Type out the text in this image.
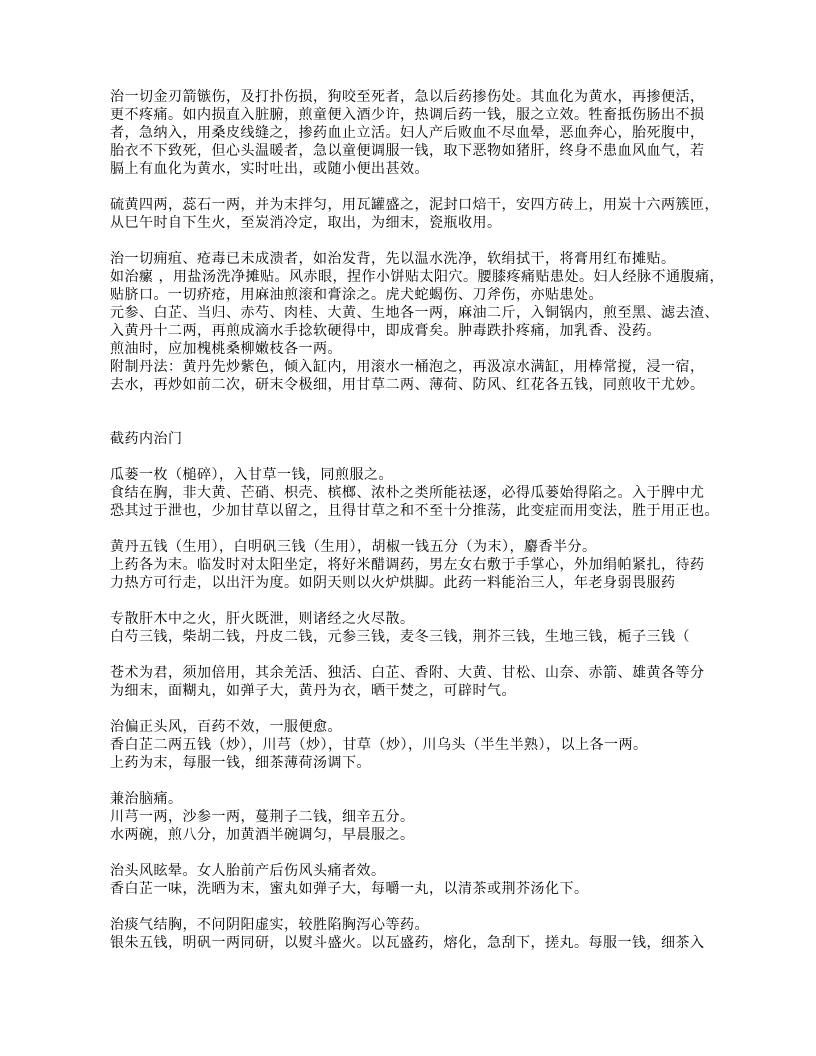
治一切金刃箭镞伤，及打扑伤损，狗咬至死者，急以后药掺伤处。其血化为黄水，再掺便活，
更不疼痛。如内损直入脏腑，煎童便入酒少许，热调后药一钱，服之立效。牲畜抵伤肠出不损
者，急纳入，用桑皮线缝之，掺药血止立活。妇人产后败血不尽血晕，恶血奔心，胎死腹中，
胎衣不下致死，但心头温暖者，急以童便调服一钱，取下恶物如猪肝，终身不患血风血气，若
膈上有血化为黄水，实时吐出，或随小便出甚效。
硫黄四两，蕊石一两，并为末拌匀，用瓦罐盛之，泥封口焙干，安四方砖上，用炭十六两簇匝，
从巳午时自下生火，至炭消冷定，取出，为细末，瓷瓶收用。
治一切痈疽、疮毒已未成溃者，如治发背，先以温水洗净，软绢拭干，将膏用红布摊贴。
如治瘰 ，用盐汤洗净摊贴。风赤眼，捏作小饼贴太阳穴。腰膝疼痛贴患处。妇人经脉不通腹痛，
贴脐口。一切疥疮，用麻油煎滚和膏涂之。虎犬蛇蝎伤、刀斧伤，亦贴患处。
元参、白芷、当归、赤芍、肉桂、大黄、生地各一两，麻油二斤，入铜锅内，煎至黑、滤去渣、
入黄丹十二两，再煎成滴水手捻软硬得中，即成膏矣。肿毒跌扑疼痛，加乳香、没药。
煎油时，应加槐桃桑柳嫩枝各一两。
附制丹法：黄丹先炒紫色，倾入缸内，用滚水一桶泡之，再汲凉水满缸，用棒常搅，浸一宿，
去水，再炒如前二次，研末令极细，用甘草二两、薄荷、防风、红花各五钱，同煎收干尤妙。
截药内治门
瓜蒌一枚（槌碎），入甘草一钱，同煎服之。
食结在胸，非大黄、芒硝、枳壳、槟榔、浓朴之类所能祛逐，必得瓜蒌始得陷之。入于脾中尤
恐其过于泄也，少加甘草以留之，且得甘草之和不至十分推荡，此变症而用变法，胜于用正也。
黄丹五钱（生用），白明矾三钱（生用），胡椒一钱五分（为末），麝香半分。
上药各为末。临发时对太阳坐定，将好米醋调药，男左女右敷于手掌心，外加绢帕紧扎，待药
力热方可行走，以出汗为度。如阴天则以火炉烘脚。此药一料能治三人，年老身弱畏服药
专散肝木中之火，肝火既泄，则诸经之火尽散。
白芍三钱，柴胡二钱，丹皮二钱，元参三钱，麦冬三钱，荆芥三钱，生地三钱，栀子三钱（
苍术为君，须加倍用，其余羌活、独活、白芷、香附、大黄、甘松、山奈、赤箭、雄黄各等分
为细末，面糊丸，如弹子大，黄丹为衣，晒干焚之，可辟时气。
治偏正头风，百药不效，一服便愈。
香白芷二两五钱（炒），川芎（炒），甘草（炒），川乌头（半生半熟），以上各一两。
上药为末，每服一钱，细茶薄荷汤调下。
兼治脑痛。
川芎一两，沙参一两，蔓荆子二钱，细辛五分。
水两碗，煎八分，加黄酒半碗调匀，早晨服之。
治头风眩晕。女人胎前产后伤风头痛者效。
香白芷一味，洗晒为末，蜜丸如弹子大，每嚼一丸，以清茶或荆芥汤化下。
治痰气结胸，不问阴阳虚实，较胜陷胸泻心等药。
银朱五钱，明矾一两同研，以熨斗盛火。以瓦盛药，熔化，急刮下，搓丸。每服一钱，细茶入
